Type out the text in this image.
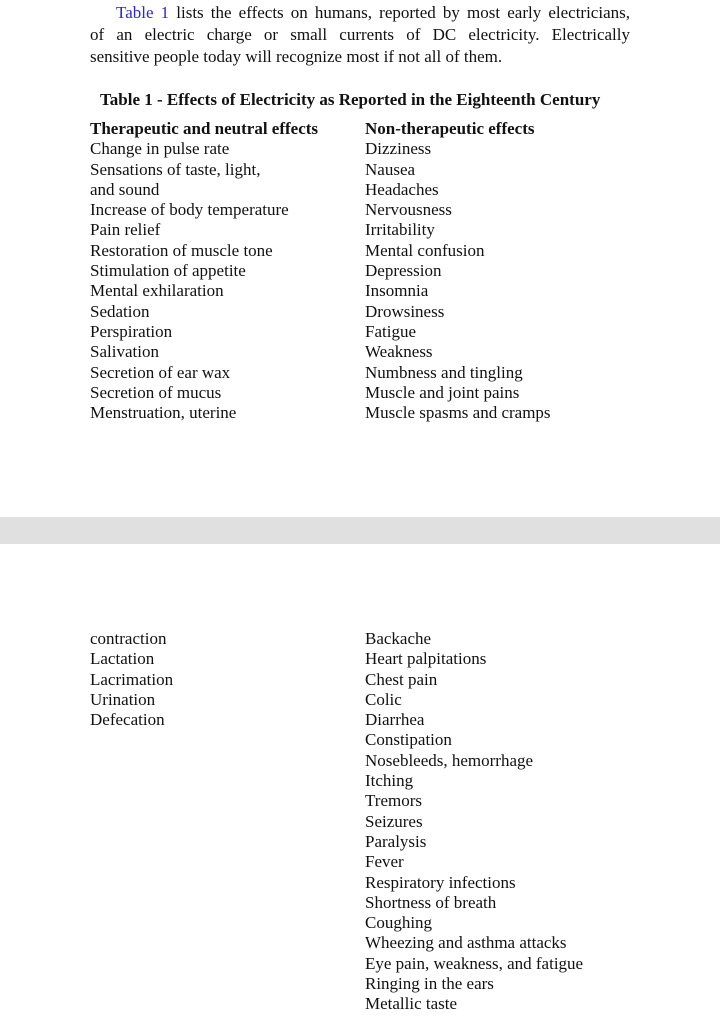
Table 1 lists the effects on humans, reported by most early electricians,
of an electric charge or small currents of DC electricity. Electrically
sensitive people today will recognize most if not all of them.

Table 1 - Effects of Electricity as Reported in the Eighteenth Century
Therapeutic and neutral effects
Change in pulse rate
Sensations of taste, light,
and sound
Increase of body temperature
Pain relief
Restoration of muscle tone
Stimulation of appetite
Mental exhilaration
Sedation
Perspiration
Salivation
Secretion of ear wax
Secretion of mucus
Menstruation, uterine
Non-therapeutic effects
Dizziness
Nausea
Headaches
Nervousness
Irritability
Mental confusion
Depression
Insomnia
Drowsiness
Fatigue
Weakness
Numbness and tingling
Muscle and joint pains
Muscle spasms and cramps
contraction
Lactation
Lacrimation
Urination
Defecation
Backache
Heart palpitations
Chest pain
Colic
Diarrhea
Constipation
Nosebleeds, hemorrhage
Itching
Tremors
Seizures
Paralysis
Fever
Respiratory infections
Shortness of breath
Coughing
Wheezing and asthma attacks
Eye pain, weakness, and fatigue
Ringing in the ears
Metallic taste
